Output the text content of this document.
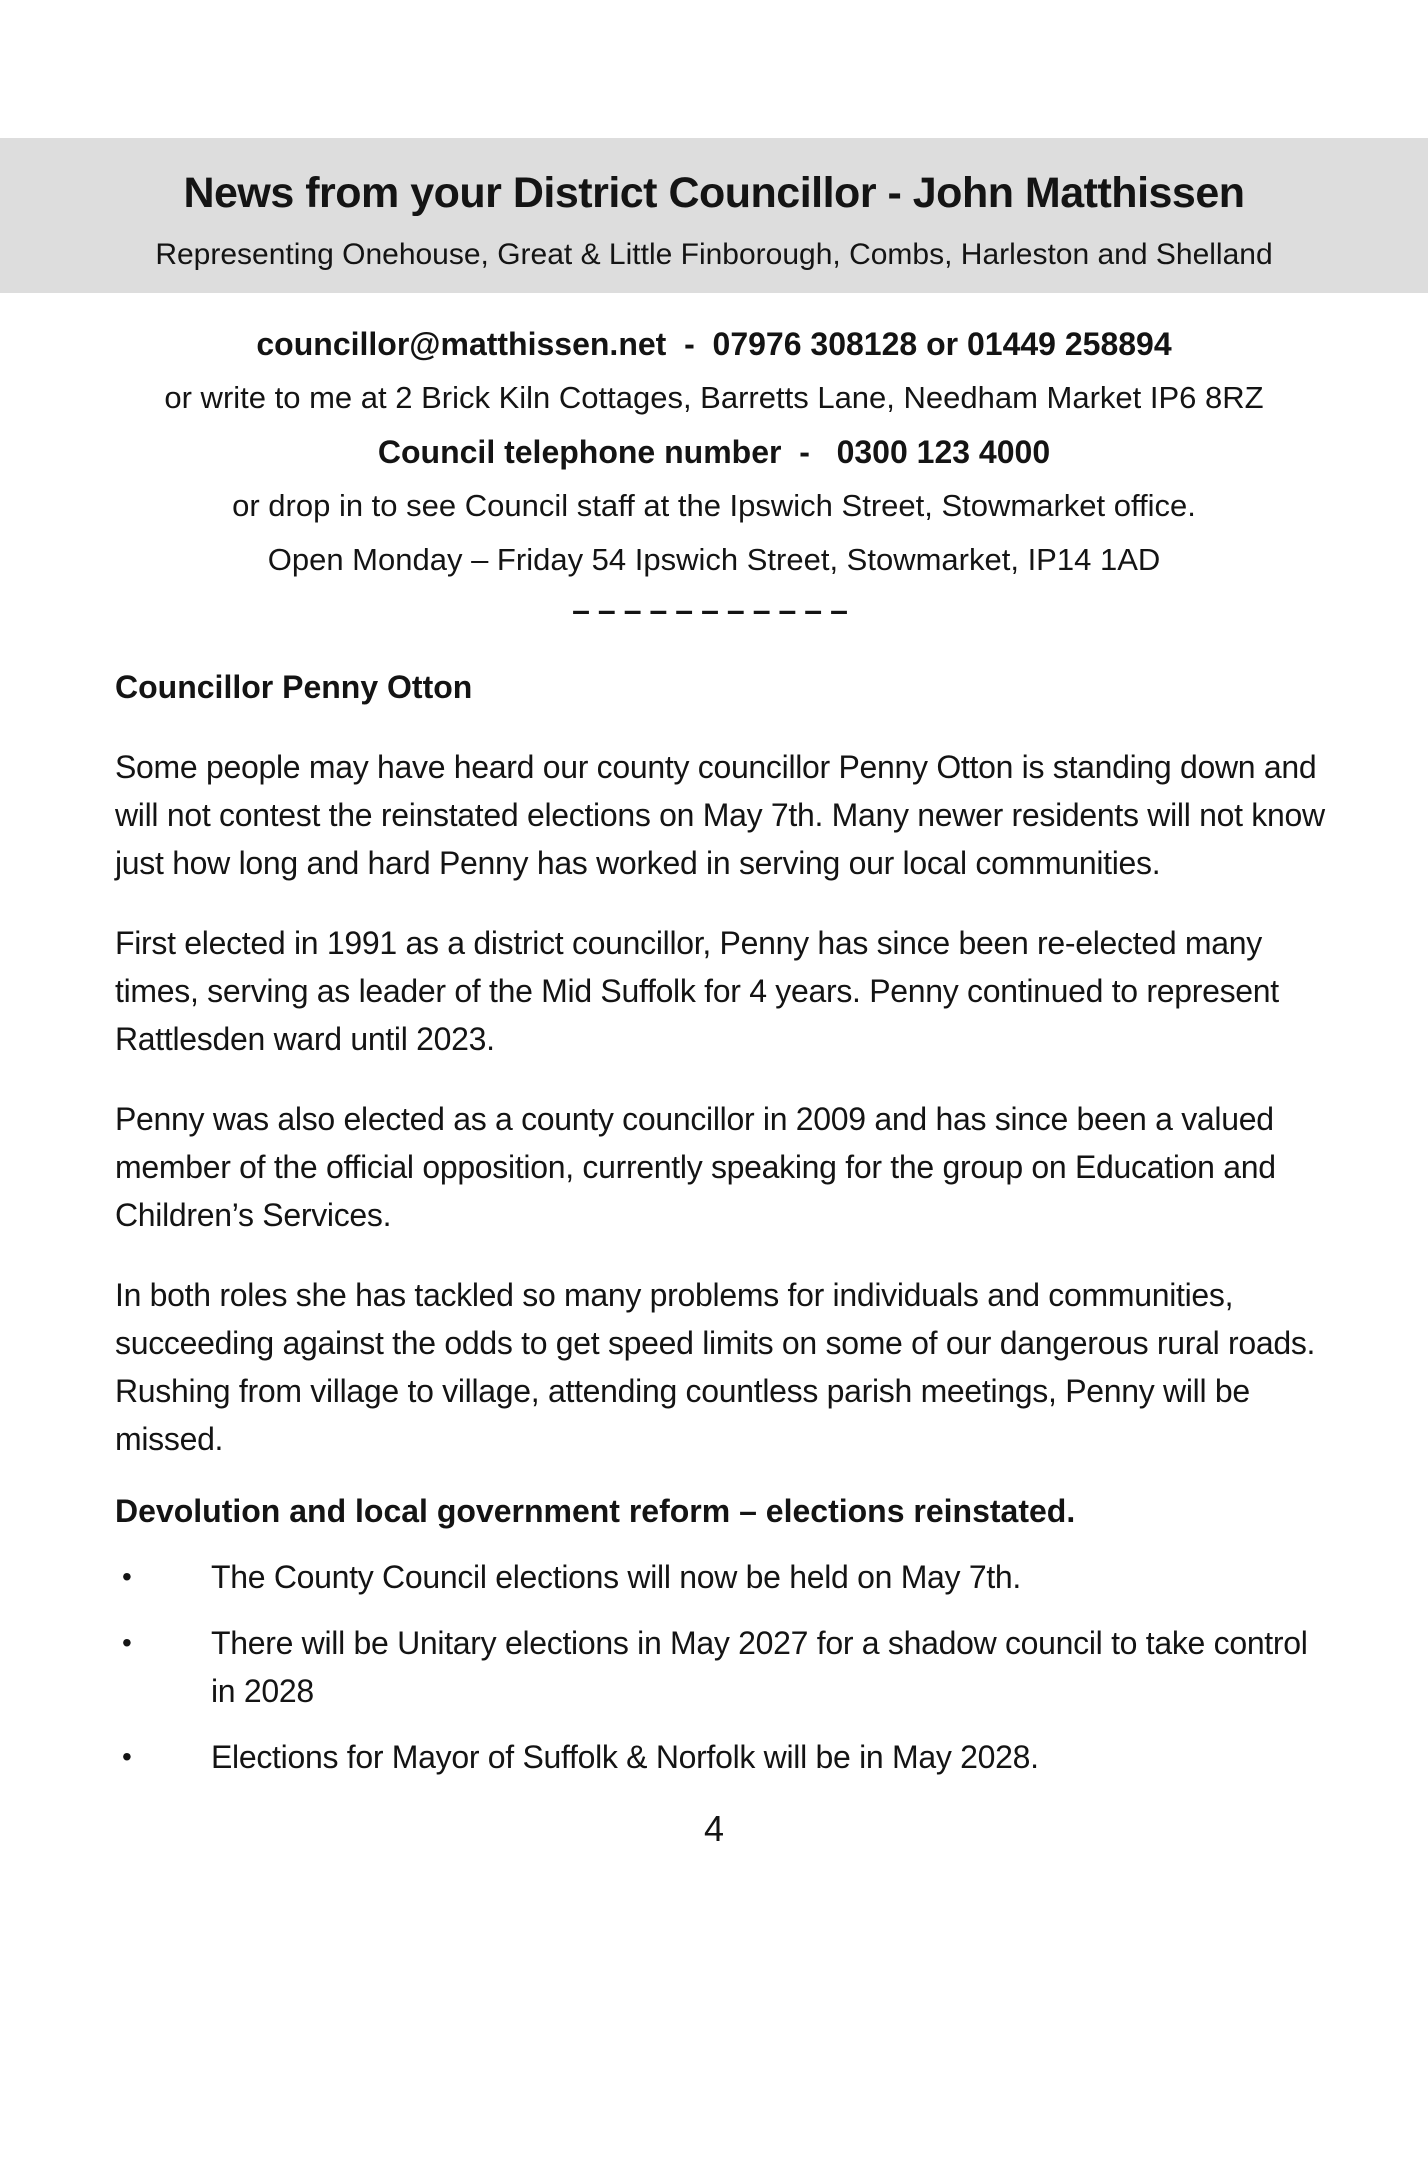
News from your District Councillor - John Matthissen
Representing Onehouse, Great & Little Finborough, Combs, Harleston and Shelland
councillor@matthissen.net  -  07976 308128 or 01449 258894
or write to me at 2 Brick Kiln Cottages, Barretts Lane, Needham Market IP6 8RZ
Council telephone number  -   0300 123 4000
or drop in to see Council staff at the Ipswich Street, Stowmarket office.
Open Monday – Friday 54 Ipswich Street, Stowmarket, IP14 1AD
–––––––––––
Councillor Penny Otton

Some people may have heard our county councillor Penny Otton is standing down and will not contest the reinstated elections on May 7th. Many newer residents will not know just how long and hard Penny has worked in serving our local communities.

First elected in 1991 as a district councillor, Penny has since been re-elected many times, serving as leader of the Mid Suffolk for 4 years. Penny continued to represent Rattlesden ward until 2023.

Penny was also elected as a county councillor in 2009 and has since been a valued member of the official opposition, currently speaking for the group on Education and Children’s Services.

In both roles she has tackled so many problems for individuals and communities, succeeding against the odds to get speed limits on some of our dangerous rural roads.  Rushing from village to village, attending countless parish meetings, Penny will be missed.

Devolution and local government reform – elections reinstated.
• The County Council elections will now be held on May 7th.
• There will be Unitary elections in May 2027 for a shadow council to take control in 2028
• Elections for Mayor of Suffolk & Norfolk will be in May 2028.
4
